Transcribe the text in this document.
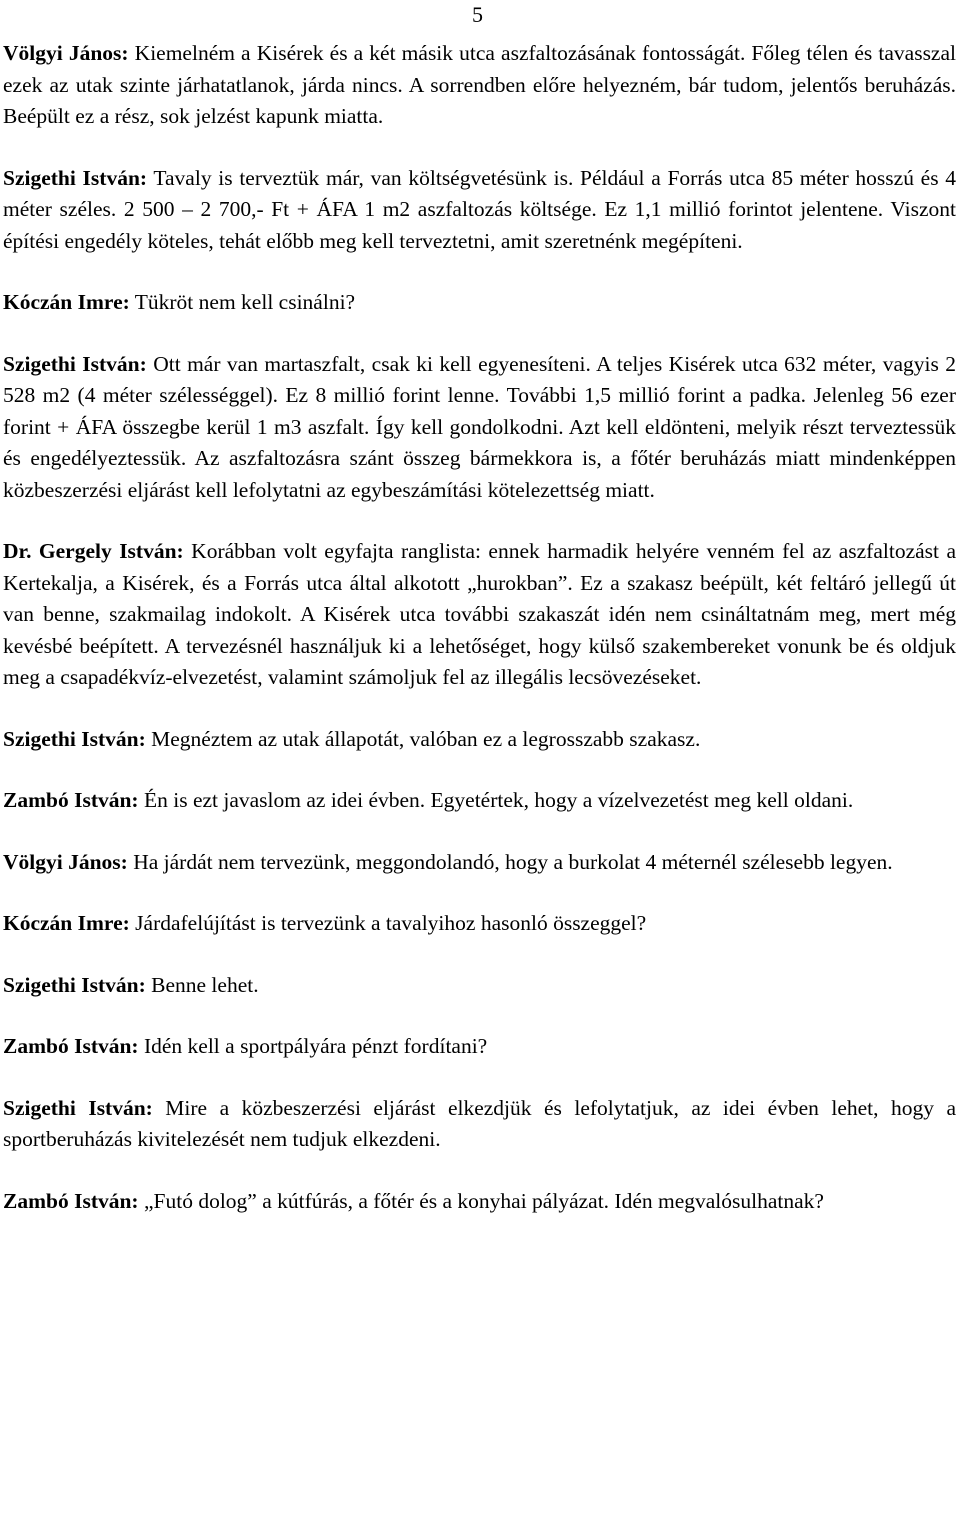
5

Völgyi János: Kiemelném a Kisérek és a két másik utca aszfaltozásának fontosságát. Főleg télen és tavasszal ezek az utak szinte járhatatlanok, járda nincs. A sorrendben előre helyezném, bár tudom, jelentős beruházás. Beépült ez a rész, sok jelzést kapunk miatta.

Szigethi István: Tavaly is terveztük már, van költségvetésünk is. Például a Forrás utca 85 méter hosszú és 4 méter széles. 2 500 – 2 700,- Ft + ÁFA 1 m2 aszfaltozás költsége. Ez 1,1 millió forintot jelentene. Viszont építési engedély köteles, tehát előbb meg kell terveztetni, amit szeretnénk megépíteni.

Kóczán Imre: Tükröt nem kell csinálni?

Szigethi István: Ott már van martaszfalt, csak ki kell egyenesíteni. A teljes Kisérek utca 632 méter, vagyis 2 528 m2 (4 méter szélességgel). Ez 8 millió forint lenne. További 1,5 millió forint a padka. Jelenleg 56 ezer forint + ÁFA összegbe kerül 1 m3 aszfalt. Így kell gondolkodni. Azt kell eldönteni, melyik részt terveztessük és engedélyeztessük. Az aszfaltozásra szánt összeg bármekkora is, a főtér beruházás miatt mindenképpen közbeszerzési eljárást kell lefolytatni az egybeszámítási kötelezettség miatt.

Dr. Gergely István: Korábban volt egyfajta ranglista: ennek harmadik helyére venném fel az aszfaltozást a Kertekalja, a Kisérek, és a Forrás utca által alkotott „hurokban”. Ez a szakasz beépült, két feltáró jellegű út van benne, szakmailag indokolt. A Kisérek utca további szakaszát idén nem csináltatnám meg, mert még kevésbé beépített. A tervezésnél használjuk ki a lehetőséget, hogy külső szakembereket vonunk be és oldjuk meg a csapadékvíz-elvezetést, valamint számoljuk fel az illegális lecsövezéseket.

Szigethi István: Megnéztem az utak állapotát, valóban ez a legrosszabb szakasz.

Zambó István: Én is ezt javaslom az idei évben. Egyetértek, hogy a vízelvezetést meg kell oldani.

Völgyi János: Ha járdát nem tervezünk, meggondolandó, hogy a burkolat 4 méternél szélesebb legyen.

Kóczán Imre: Járdafelújítást is tervezünk a tavalyihoz hasonló összeggel?

Szigethi István: Benne lehet.

Zambó István: Idén kell a sportpályára pénzt fordítani?

Szigethi István: Mire a közbeszerzési eljárást elkezdjük és lefolytatjuk, az idei évben lehet, hogy a sportberuházás kivitelezését nem tudjuk elkezdeni.

Zambó István: „Futó dolog” a kútfúrás, a főtér és a konyhai pályázat. Idén megvalósulhatnak?
